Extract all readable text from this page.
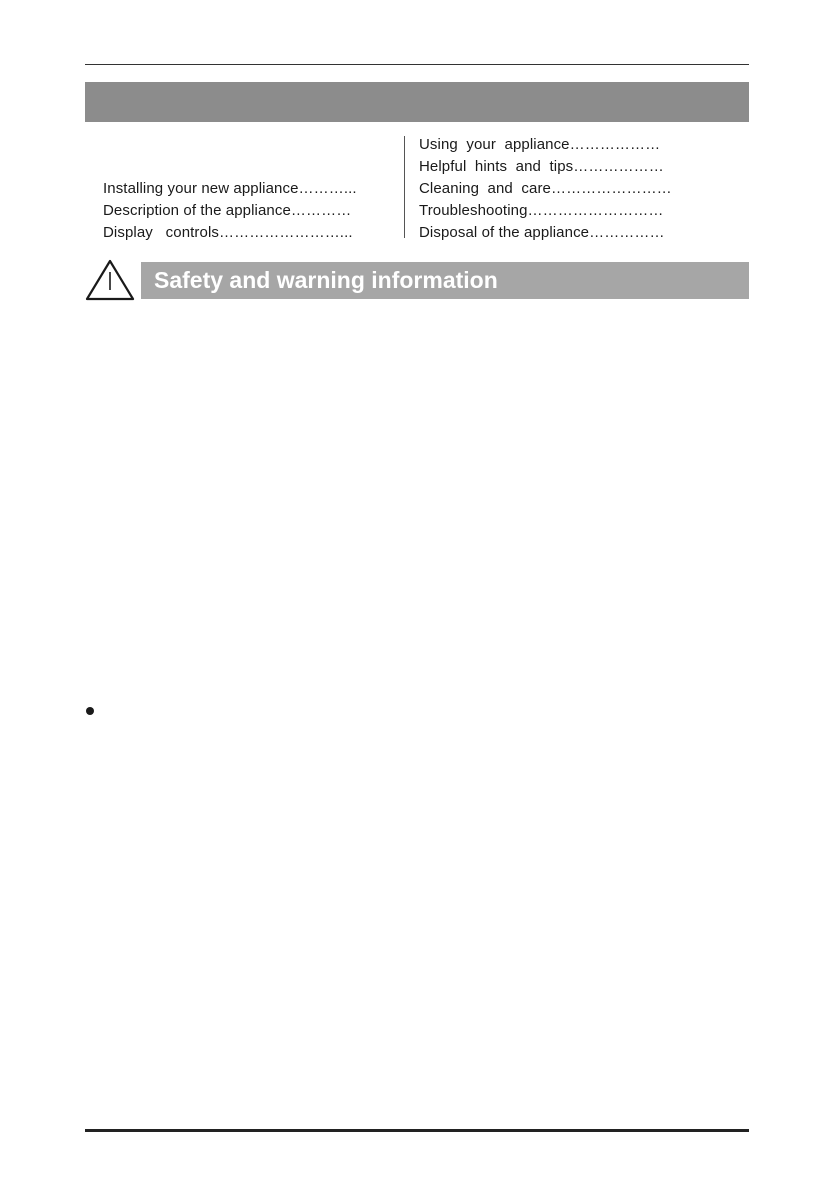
Installing your new appliance………...
Description of the appliance…………
Display   controls……………………...
Using  your  appliance………………
Helpful  hints  and  tips………………
Cleaning  and  care……………………
Troubleshooting………………………
Disposal of the appliance……………
Safety and warning information
